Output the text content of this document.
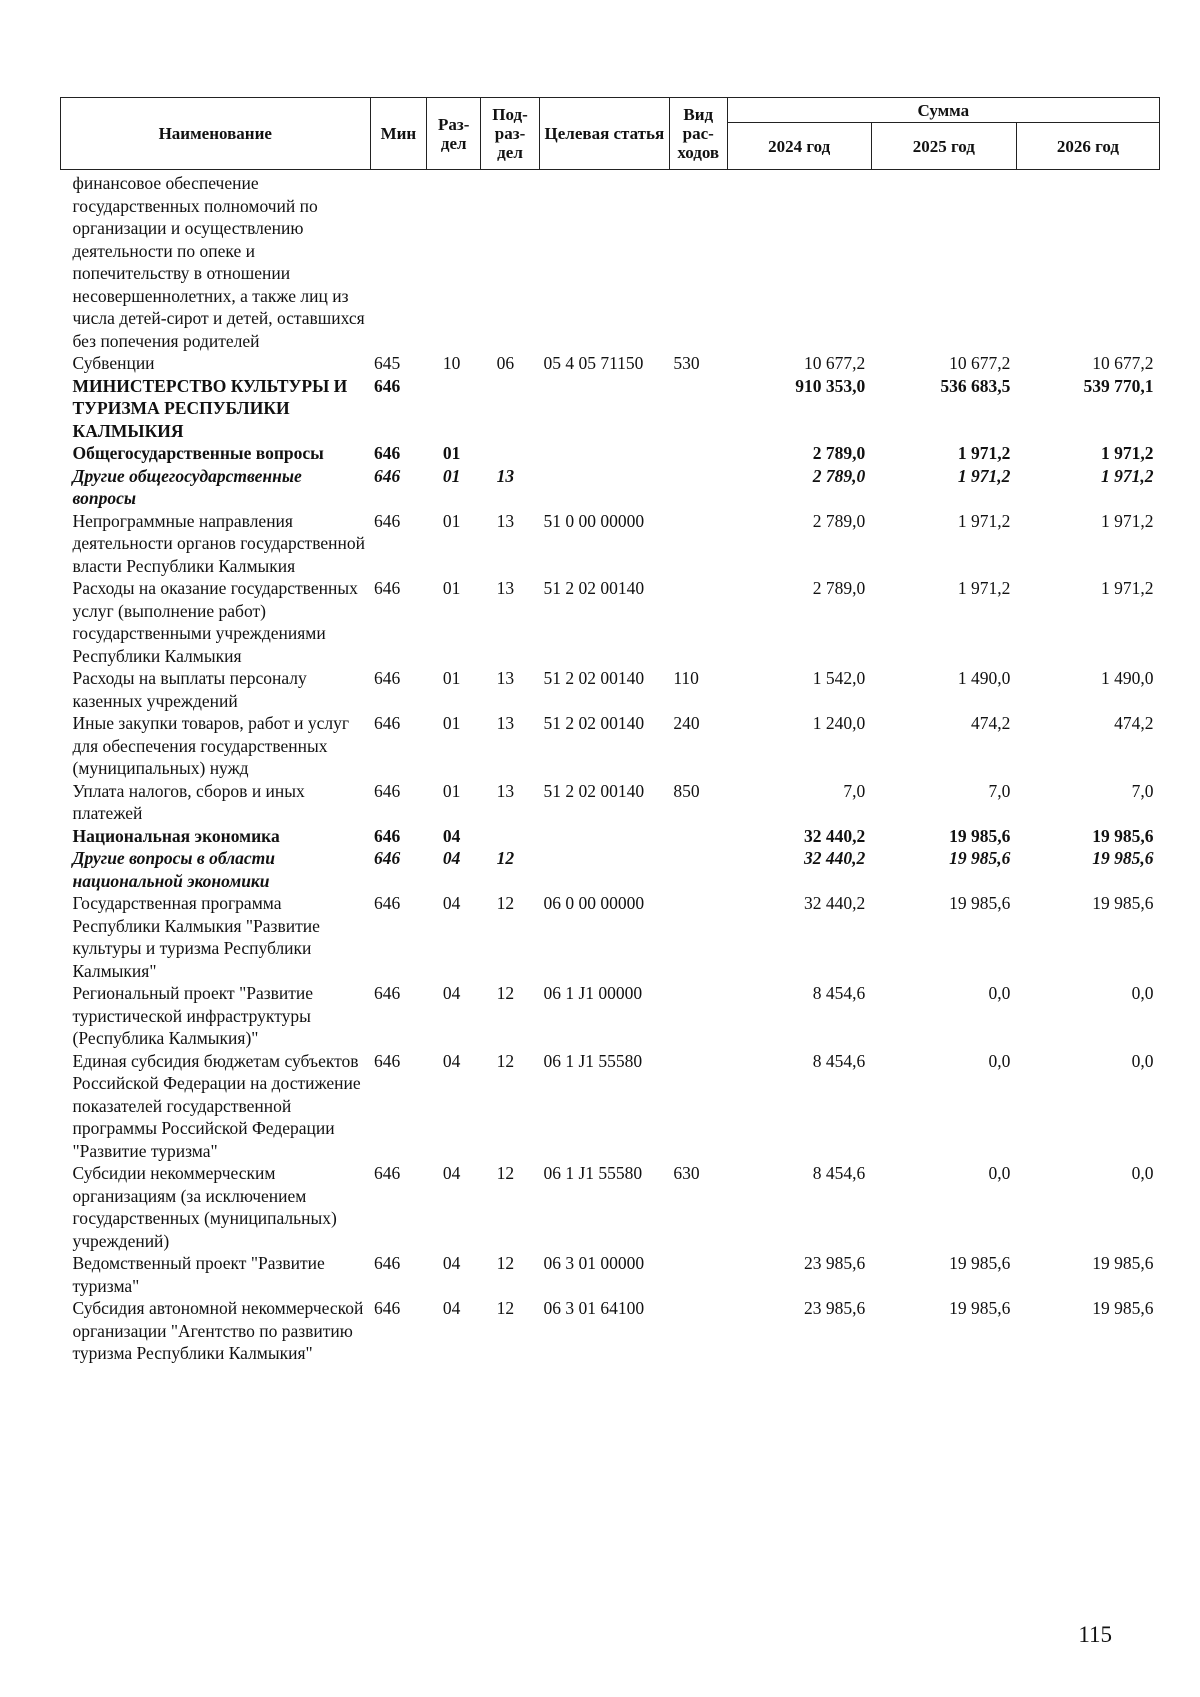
Наименование	Мин	Раз-дел	Под-раз-дел	Целевая статья	Вид рас-ходов	Сумма		
						2024 год	2025 год	2026 год
финансовое обеспечение государственных полномочий по организации и осуществлению деятельности по опеке и попечительству в отношении несовершеннолетних, а также лиц из числа детей-сирот и детей, оставшихся без попечения родителей								
Субвенции	645	10	06	05 4 05 71150	530	10 677,2	10 677,2	10 677,2
МИНИСТЕРСТВО КУЛЬТУРЫ И ТУРИЗМА РЕСПУБЛИКИ КАЛМЫКИЯ	646					910 353,0	536 683,5	539 770,1
Общегосударственные вопросы	646	01				2 789,0	1 971,2	1 971,2
Другие общегосударственные вопросы	646	01	13			2 789,0	1 971,2	1 971,2
Непрограммные направления деятельности органов государственной власти Республики Калмыкия	646	01	13	51 0 00 00000		2 789,0	1 971,2	1 971,2
Расходы на оказание государственных услуг (выполнение работ) государственными учреждениями Республики Калмыкия	646	01	13	51 2 02 00140		2 789,0	1 971,2	1 971,2
Расходы на выплаты персоналу казенных учреждений	646	01	13	51 2 02 00140	110	1 542,0	1 490,0	1 490,0
Иные закупки товаров, работ и услуг для обеспечения государственных (муниципальных) нужд	646	01	13	51 2 02 00140	240	1 240,0	474,2	474,2
Уплата налогов, сборов и иных платежей	646	01	13	51 2 02 00140	850	7,0	7,0	7,0
Национальная экономика	646	04				32 440,2	19 985,6	19 985,6
Другие вопросы в области национальной экономики	646	04	12			32 440,2	19 985,6	19 985,6
Государственная программа Республики Калмыкия "Развитие культуры и туризма Республики Калмыкия"	646	04	12	06 0 00 00000		32 440,2	19 985,6	19 985,6
Региональный проект "Развитие туристической инфраструктуры (Республика Калмыкия)"	646	04	12	06 1 J1 00000		8 454,6	0,0	0,0
Единая субсидия бюджетам субъектов Российской Федерации на достижение показателей государственной программы Российской Федерации "Развитие туризма"	646	04	12	06 1 J1 55580		8 454,6	0,0	0,0
Субсидии некоммерческим организациям (за исключением государственных (муниципальных) учреждений)	646	04	12	06 1 J1 55580	630	8 454,6	0,0	0,0
Ведомственный проект "Развитие туризма"	646	04	12	06 3 01 00000		23 985,6	19 985,6	19 985,6
Субсидия автономной некоммерческой организации "Агентство по развитию туризма Республики Калмыкия"	646	04	12	06 3 01 64100		23 985,6	19 985,6	19 985,6
115
